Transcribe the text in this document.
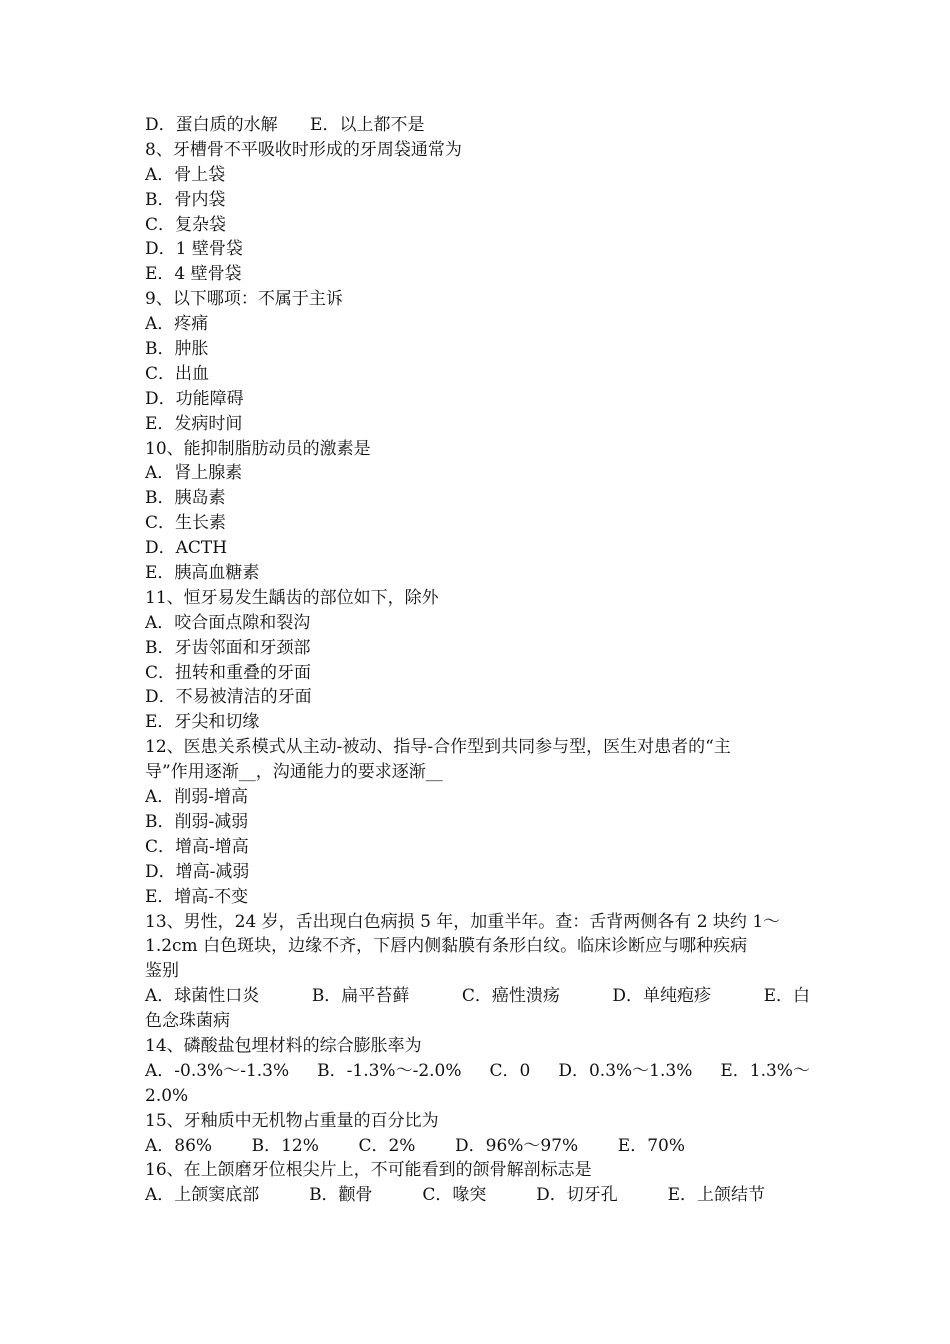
D．蛋白质的水解      E．以上都不是
8、牙槽骨不平吸收时形成的牙周袋通常为
A．骨上袋
B．骨内袋
C．复杂袋
D．1 壁骨袋
E．4 壁骨袋
9、以下哪项：不属于主诉
A．疼痛
B．肿胀
C．出血
D．功能障碍
E．发病时间
10、能抑制脂肪动员的激素是
A．肾上腺素
B．胰岛素
C．生长素
D．ACTH
E．胰高血糖素
11、恒牙易发生龋齿的部位如下，除外
A．咬合面点隙和裂沟
B．牙齿邻面和牙颈部
C．扭转和重叠的牙面
D．不易被清洁的牙面
E．牙尖和切缘
12、医患关系模式从主动-被动、指导-合作型到共同参与型，医生对患者的“主
导”作用逐渐__，沟通能力的要求逐渐__
A．削弱-增高
B．削弱-减弱
C．增高-增高
D．增高-减弱
E．增高-不变
13、男性，24 岁，舌出现白色病损 5 年，加重半年。查：舌背两侧各有 2 块约 1～
1.2cm 白色斑块，边缘不齐，下唇内侧黏膜有条形白纹。临床诊断应与哪种疾病
鉴别
A．球菌性口炎	B．扁平苔藓	C．癌性溃疡	D．单纯疱疹	E．白
色念珠菌病
14、磷酸盐包埋材料的综合膨胀率为
A．-0.3%～-1.3% B．-1.3%～-2.0% C．0 D．0.3%～1.3% E．1.3%～
2.0%
15、牙釉质中无机物占重量的百分比为
A．86% B．12% C．2% D．96%～97% E．70%
16、在上颌磨牙位根尖片上，不可能看到的颌骨解剖标志是
A．上颌窦底部	B．颧骨	C．喙突	D．切牙孔	E．上颌结节
